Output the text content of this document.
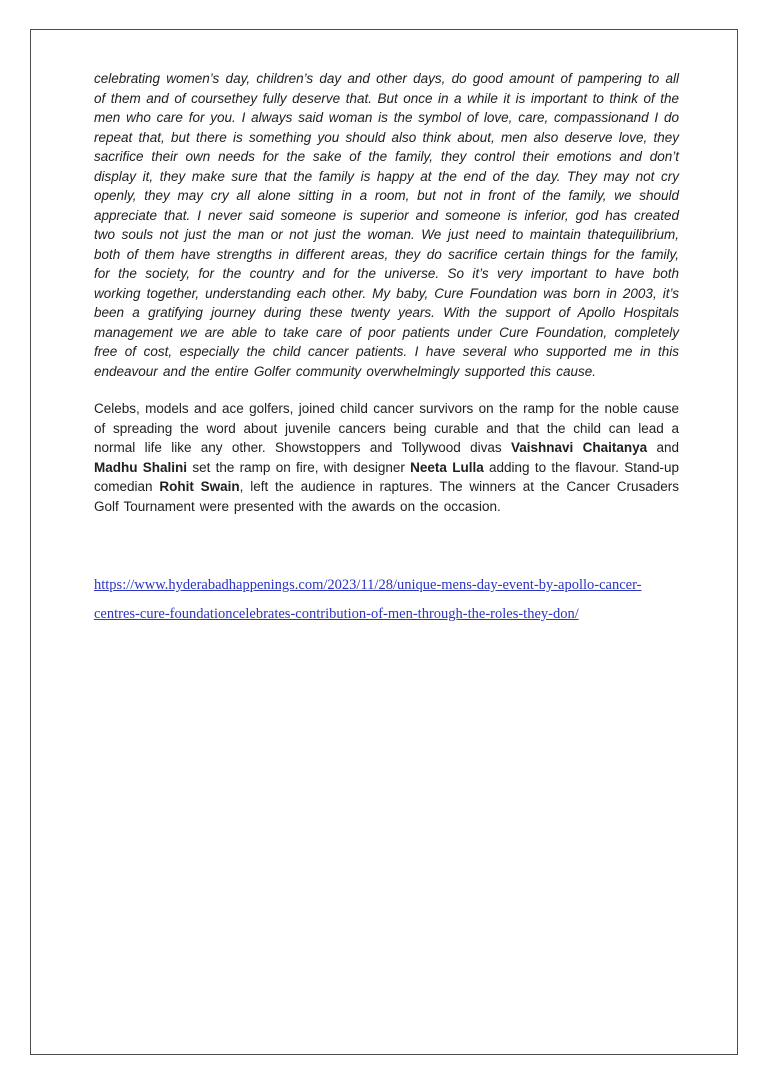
celebrating women’s day, children’s day and other days, do good amount of pampering to all of them and of coursethey fully deserve that. But once in a while it is important to think of the men who care for you. I always said woman is the symbol of love, care, compassionand I do repeat that, but there is something you should also think about, men also deserve love, they sacrifice their own needs for the sake of the family, they control their emotions and don’t display it, they make sure that the family is happy at the end of the day. They may not cry openly, they may cry all alone sitting in a room, but not in front of the family, we should appreciate that. I never said someone is superior and someone is inferior, god has created two souls not just the man or not just the woman. We just need to maintain thatequilibrium, both of them have strengths in different areas, they do sacrifice certain things for the family, for the society, for the country and for the universe. So it’s very important to have both working together, understanding each other. My baby, Cure Foundation was born in 2003, it’s been a gratifying journey during these twenty years. With the support of Apollo Hospitals management we are able to take care of poor patients under Cure Foundation, completely free of cost, especially the child cancer patients. I have several who supported me in this endeavour and the entire Golfer community overwhelmingly supported this cause.

Celebs, models and ace golfers, joined child cancer survivors on the ramp for the noble cause of spreading the word about juvenile cancers being curable and that the child can lead a normal life like any other. Showstoppers and Tollywood divas Vaishnavi Chaitanya and Madhu Shalini set the ramp on fire, with designer Neeta Lulla adding to the flavour. Stand-up comedian Rohit Swain, left the audience in raptures. The winners at the Cancer Crusaders Golf Tournament were presented with the awards on the occasion.

https://www.hyderabadhappenings.com/2023/11/28/unique-mens-day-event-by-apollo-cancer-centres-cure-foundationcelebrates-contribution-of-men-through-the-roles-they-don/
